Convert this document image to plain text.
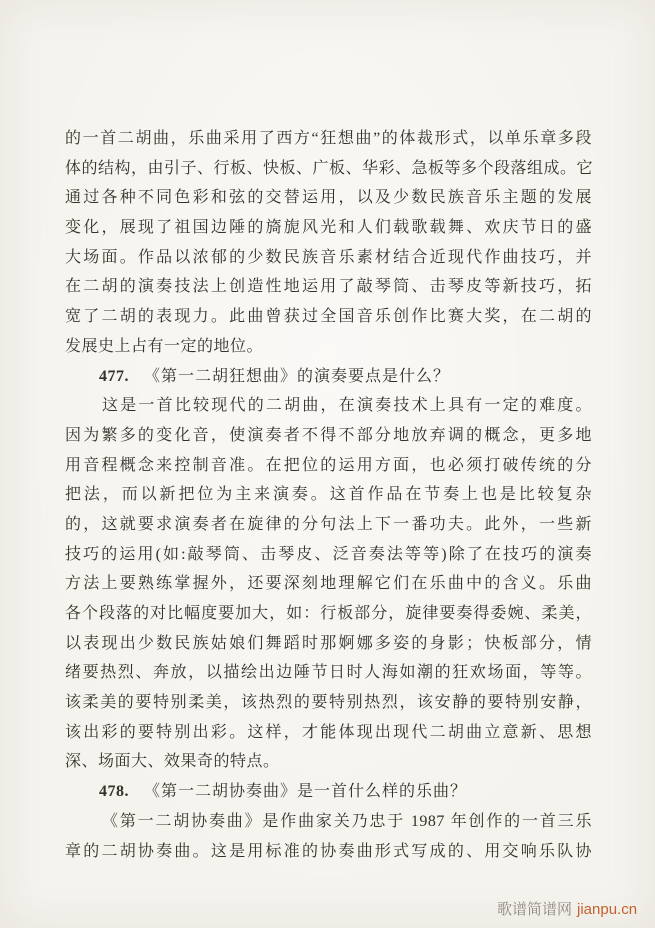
的一首二胡曲，乐曲采用了西方“狂想曲”的体裁形式，以单乐章多段
体的结构，由引子、行板、快板、广板、华彩、急板等多个段落组成。它
通过各种不同色彩和弦的交替运用，以及少数民族音乐主题的发展
变化，展现了祖国边陲的旖旎风光和人们载歌载舞、欢庆节日的盛
大场面。作品以浓郁的少数民族音乐素材结合近现代作曲技巧，并
在二胡的演奏技法上创造性地运用了敲琴筒、击琴皮等新技巧，拓
宽了二胡的表现力。此曲曾获过全国音乐创作比赛大奖，在二胡的
发展史上占有一定的地位。
477. 《第一二胡狂想曲》的演奏要点是什么？
这是一首比较现代的二胡曲，在演奏技术上具有一定的难度。
因为繁多的变化音，使演奏者不得不部分地放弃调的概念，更多地
用音程概念来控制音准。在把位的运用方面，也必须打破传统的分
把法，而以新把位为主来演奏。这首作品在节奏上也是比较复杂
的，这就要求演奏者在旋律的分句法上下一番功夫。此外，一些新
技巧的运用(如:敲琴筒、击琴皮、泛音奏法等等)除了在技巧的演奏
方法上要熟练掌握外，还要深刻地理解它们在乐曲中的含义。乐曲
各个段落的对比幅度要加大，如：行板部分，旋律要奏得委婉、柔美，
以表现出少数民族姑娘们舞蹈时那婀娜多姿的身影；快板部分，情
绪要热烈、奔放，以描绘出边陲节日时人海如潮的狂欢场面，等等。
该柔美的要特别柔美，该热烈的要特别热烈，该安静的要特别安静，
该出彩的要特别出彩。这样，才能体现出现代二胡曲立意新、思想
深、场面大、效果奇的特点。
478. 《第一二胡协奏曲》是一首什么样的乐曲？
《第一二胡协奏曲》是作曲家关乃忠于 1987 年创作的一首三乐
章的二胡协奏曲。这是用标准的协奏曲形式写成的、用交响乐队协
歌谱简谱网 jianpu.cn
